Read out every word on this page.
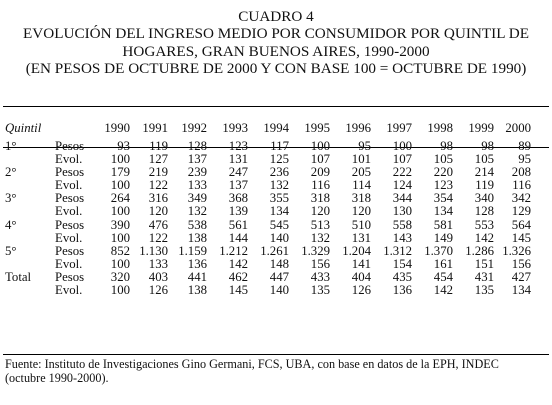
CUADRO 4
EVOLUCIÓN DEL INGRESO MEDIO POR CONSUMIDOR POR QUINTIL DE
HOGARES, GRAN BUENOS AIRES, 1990-2000
(EN PESOS DE OCTUBRE DE 2000 Y CON BASE 100 = OCTUBRE DE 1990)
Quintil		1990	1991	1992	1993	1994	1995	1996	1997	1998	1999	2000
1°	Pesos	93	119	128	123	117	100	95	100	98	98	89
	Evol.	100	127	137	131	125	107	101	107	105	105	95
2°	Pesos	179	219	239	247	236	209	205	222	220	214	208
	Evol.	100	122	133	137	132	116	114	124	123	119	116
3°	Pesos	264	316	349	368	355	318	318	344	354	340	342
	Evol.	100	120	132	139	134	120	120	130	134	128	129
4°	Pesos	390	476	538	561	545	513	510	558	581	553	564
	Evol.	100	122	138	144	140	132	131	143	149	142	145
5°	Pesos	852	1.130	1.159	1.212	1.261	1.329	1.204	1.312	1.370	1.286	1.326
	Evol.	100	133	136	142	148	156	141	154	161	151	156
Total	Pesos	320	403	441	462	447	433	404	435	454	431	427
	Evol.	100	126	138	145	140	135	126	136	142	135	134
Fuente: Instituto de Investigaciones Gino Germani, FCS, UBA, con base en datos de la EPH, INDEC
(octubre 1990-2000).
